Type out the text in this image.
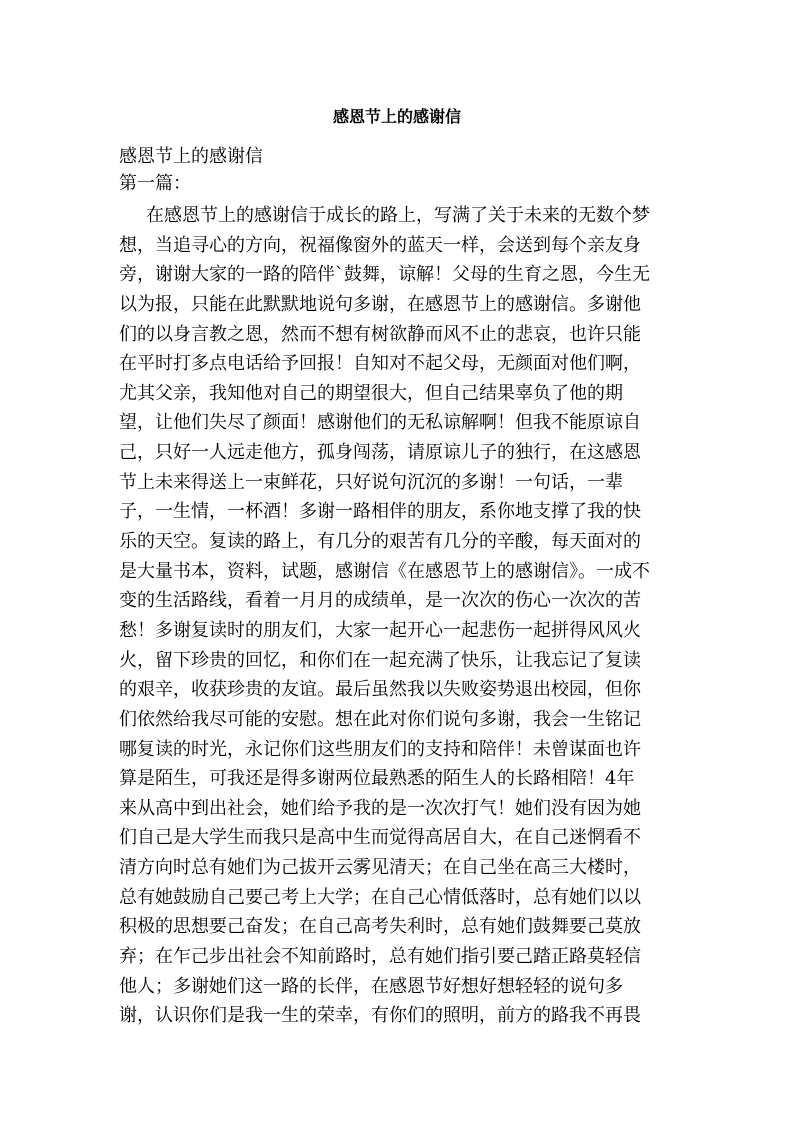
感恩节上的感谢信

感恩节上的感谢信

第一篇：

在感恩节上的感谢信于成长的路上，写满了关于未来的无数个梦
想，当追寻心的方向，祝福像窗外的蓝天一样，会送到每个亲友身
旁，谢谢大家的一路的陪伴`鼓舞，谅解！父母的生育之恩，今生无
以为报，只能在此默默地说句多谢，在感恩节上的感谢信。多谢他
们的以身言教之恩，然而不想有树欲静而风不止的悲哀，也许只能
在平时打多点电话给予回报！自知对不起父母，无颜面对他们啊，
尤其父亲，我知他对自己的期望很大，但自己结果辜负了他的期
望，让他们失尽了颜面！感谢他们的无私谅解啊！但我不能原谅自
己，只好一人远走他方，孤身闯荡，请原谅儿子的独行，在这感恩
节上未来得送上一束鲜花，只好说句沉沉的多谢！一句话，一辈
子，一生情，一杯酒！多谢一路相伴的朋友，系你地支撑了我的快
乐的天空。复读的路上，有几分的艰苦有几分的辛酸，每天面对的
是大量书本，资料，试题，感谢信《在感恩节上的感谢信》。一成不
变的生活路线，看着一月月的成绩单，是一次次的伤心一次次的苦
愁！多谢复读时的朋友们，大家一起开心一起悲伤一起拼得风风火
火，留下珍贵的回忆，和你们在一起充满了快乐，让我忘记了复读
的艰辛，收获珍贵的友谊。最后虽然我以失败姿势退出校园，但你
们依然给我尽可能的安慰。想在此对你们说句多谢，我会一生铭记
哪复读的时光，永记你们这些朋友们的支持和陪伴！未曾谋面也许
算是陌生，可我还是得多谢两位最熟悉的陌生人的长路相陪！4年
来从高中到出社会，她们给予我的是一次次打气！她们没有因为她
们自己是大学生而我只是高中生而觉得高居自大，在自己迷惘看不
清方向时总有她们为己拔开云雾见清天；在自己坐在高三大楼时，
总有她鼓励自己要己考上大学；在自己心情低落时，总有她们以以
积极的思想要己奋发；在自己高考失利时，总有她们鼓舞要己莫放
弃；在乍己步出社会不知前路时，总有她们指引要己踏正路莫轻信
他人；多谢她们这一路的长伴，在感恩节好想好想轻轻的说句多
谢，认识你们是我一生的荣幸，有你们的照明，前方的路我不再畏
